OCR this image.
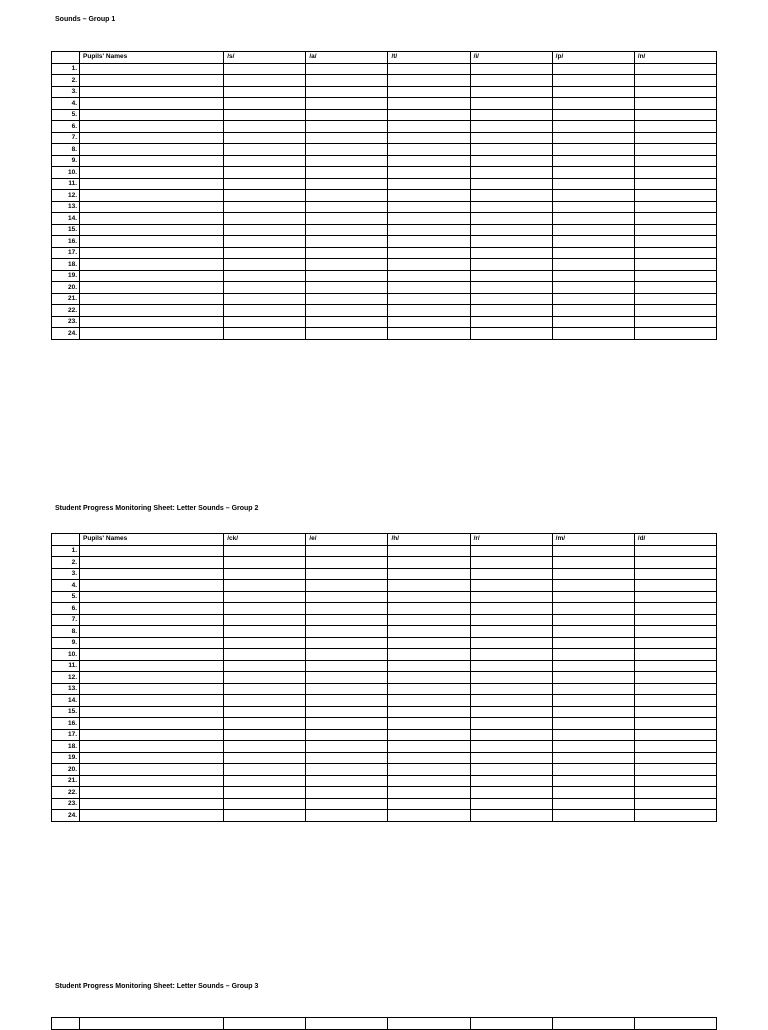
Sounds – Group 1
	Pupils' Names	/s/	/a/	/t/	/i/	/p/	/n/
1.							
2.							
3.							
4.							
5.							
6.							
7.							
8.							
9.							
10.							
11.							
12.							
13.							
14.							
15.							
16.							
17.							
18.							
19.							
20.							
21.							
22.							
23.							
24.							
Student Progress Monitoring Sheet: Letter Sounds – Group 2
	Pupils' Names	/ck/	/e/	/h/	/r/	/m/	/d/
1.							
2.							
3.							
4.							
5.							
6.							
7.							
8.							
9.							
10.							
11.							
12.							
13.							
14.							
15.							
16.							
17.							
18.							
19.							
20.							
21.							
22.							
23.							
24.							
Student Progress Monitoring Sheet: Letter Sounds – Group 3
